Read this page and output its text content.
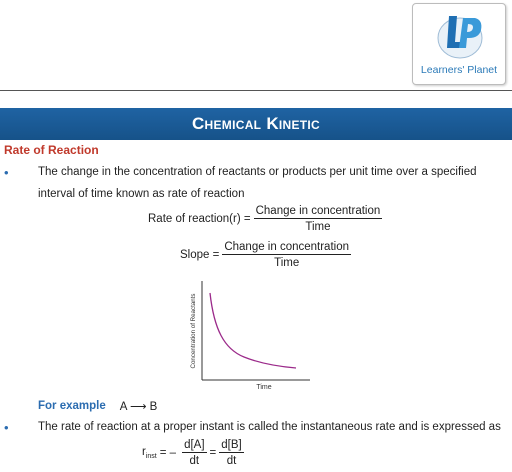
Learners' Planet
Chemical Kinetic
Rate of Reaction
•	The change in the concentration of reactants or products per unit time over a specified interval of time known as rate of reaction
Rate of reaction(r) = $\frac{\text{Change in concentration}}{\text{Time}}$
Slope = $\frac{\text{Change in concentration}}{\text{Time}}$
Concentration of Reactants
Time
For example A ⟶ B
•	The rate of reaction at a proper instant is called the instantaneous rate and is expressed as
$r_{inst}$ = – $\frac{d[A]}{dt} = \frac{d[B]}{dt}$
